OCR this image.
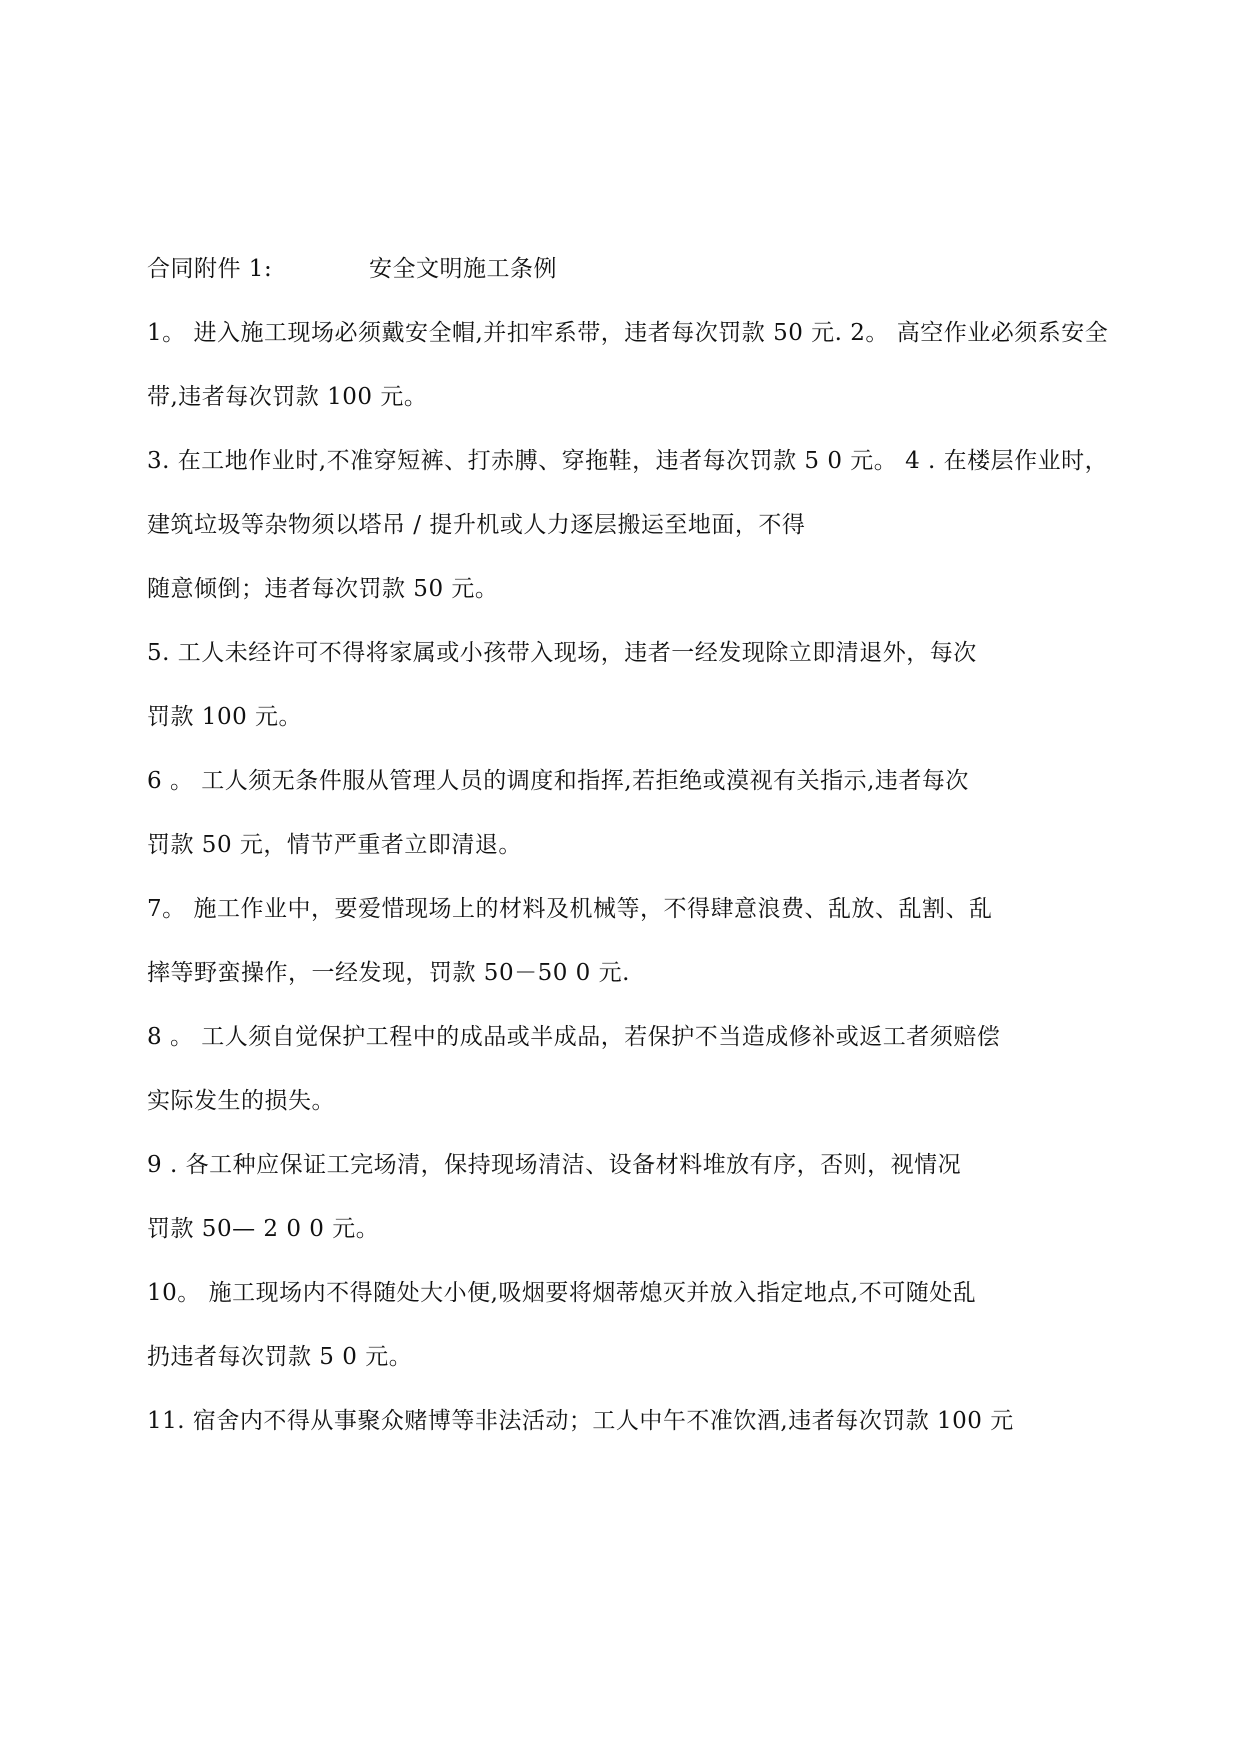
合同附件 1:	安全文明施工条例
1。 进入施工现场必须戴安全帽,并扣牢系带，违者每次罚款 50 元. 2。 高空作业必须系安全
带,违者每次罚款 100 元。
3. 在工地作业时,不准穿短裤、打赤膊、穿拖鞋，违者每次罚款 5 0 元。 4 . 在楼层作业时，
建筑垃圾等杂物须以塔吊 / 提升机或人力逐层搬运至地面，不得
随意倾倒；违者每次罚款 50 元。
5. 工人未经许可不得将家属或小孩带入现场，违者一经发现除立即清退外，每次
罚款 100 元。
6 。 工人须无条件服从管理人员的调度和指挥,若拒绝或漠视有关指示,违者每次
罚款 50 元，情节严重者立即清退。
7。 施工作业中，要爱惜现场上的材料及机械等，不得肆意浪费、乱放、乱割、乱
摔等野蛮操作，一经发现，罚款 50－50 0 元.
8 。 工人须自觉保护工程中的成品或半成品，若保护不当造成修补或返工者须赔偿
实际发生的损失。
9 . 各工种应保证工完场清，保持现场清洁、设备材料堆放有序，否则，视情况
罚款 50— 2 0 0 元。
10。 施工现场内不得随处大小便,吸烟要将烟蒂熄灭并放入指定地点,不可随处乱
扔违者每次罚款 5 0 元。
11. 宿舍内不得从事聚众赌博等非法活动；工人中午不准饮酒,违者每次罚款 100 元
